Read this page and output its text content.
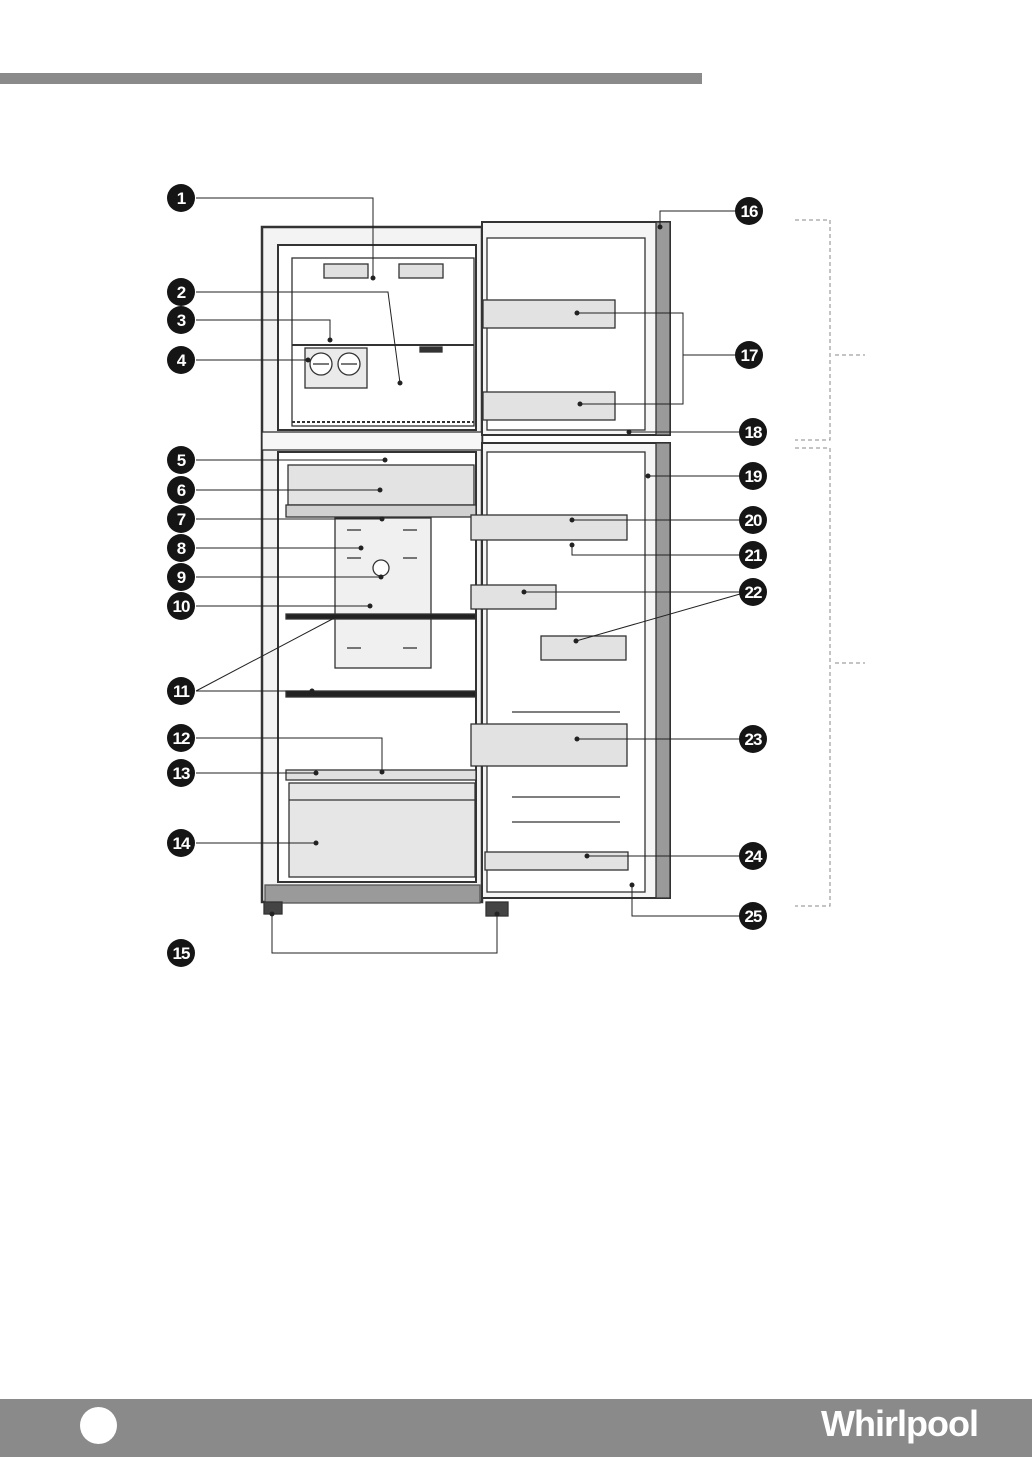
1
2
3
4
5
6
7
8
9
10
11
12
13
14
15
16
17
18
19
20
21
22
23
24
25
Whirlpool
